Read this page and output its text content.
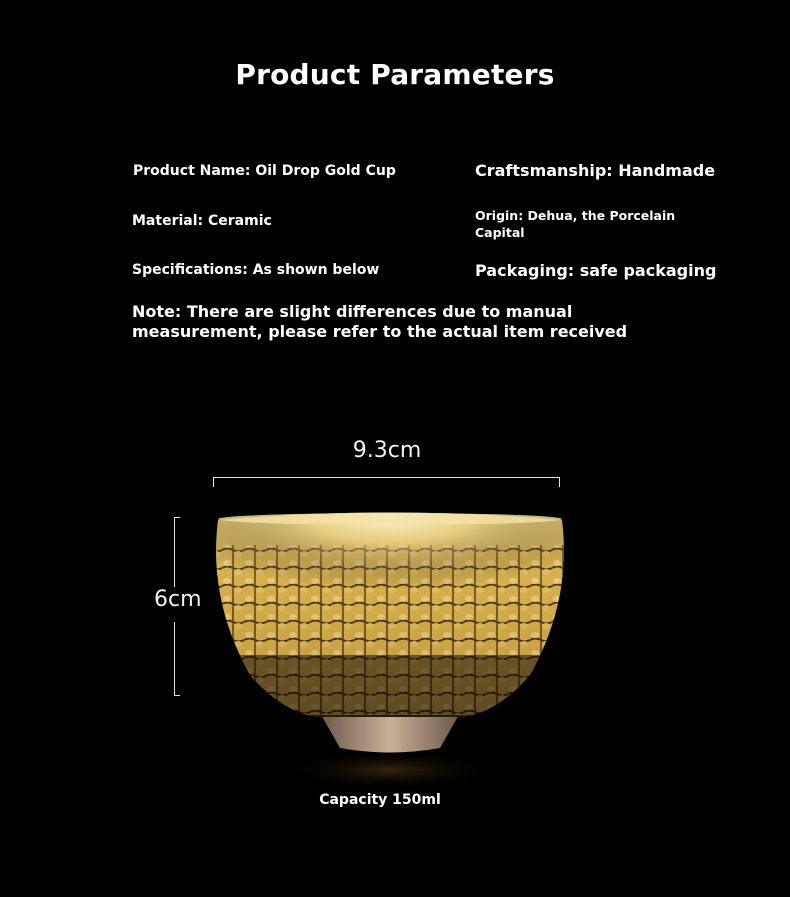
Product Parameters
Product Name: Oil Drop Gold Cup	Craftsmanship: Handmade
Material: Ceramic	Origin: Dehua, the Porcelain Capital
Specifications: As shown below	Packaging: safe packaging
Note: There are slight differences due to manual measurement, please refer to the actual item received
9.3cm
6cm
Capacity 150ml
